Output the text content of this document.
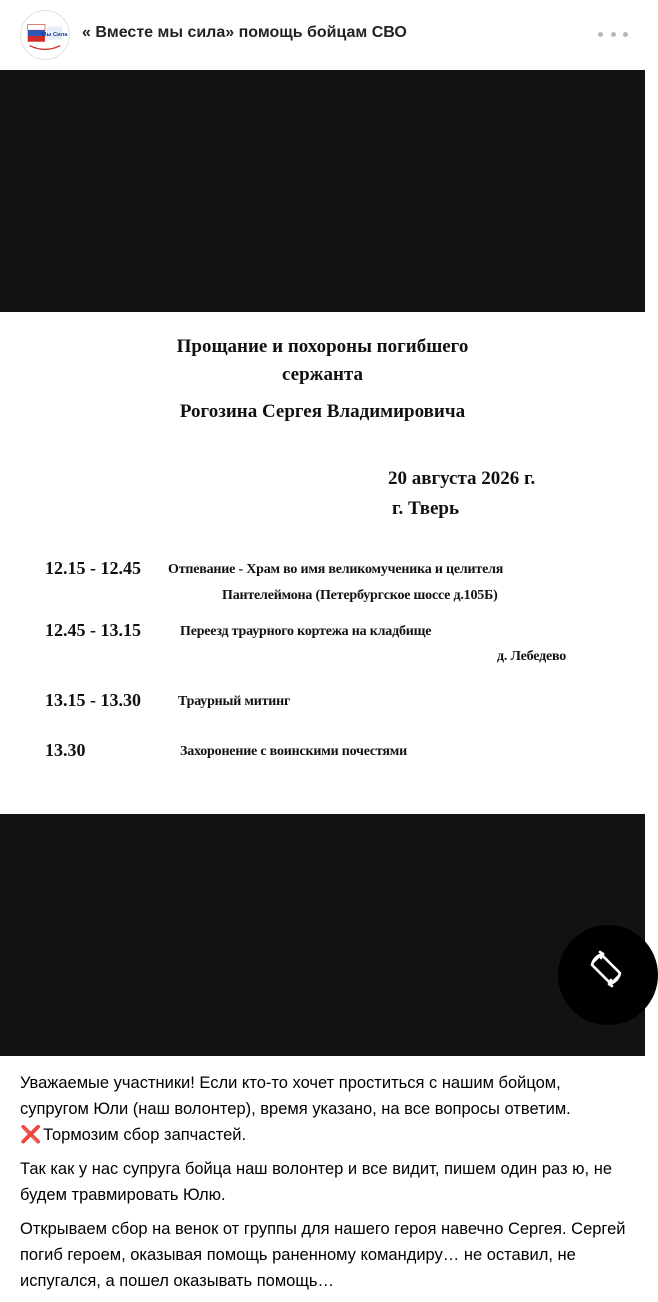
Мы Сила « Вместе мы сила» помощь бойцам СВО
Прощание и похороны погибшего
сержанта
Рогозина Сергея Владимировича
20 августа 2026 г.
г. Тверь
12.15 - 12.45 Отпевание - Храм во имя великомученика и целителя
Пантелеймона (Петербургское шоссе д.105Б)
12.45 - 13.15	Переезд траурного кортежа на кладбище
д. Лебедево
13.15 - 13.30	Траурный митинг
13.30	Захоронение с воинскими почестями

Уважаемые участники! Если кто-то хочет проститься с нашим бойцом, супругом Юли (наш волонтер), время указано, на все вопросы ответим.
❌ Тормозим сбор запчастей.

Так как у нас супруга бойца наш волонтер и все видит, пишем один раз ю, не будем травмировать Юлю.

Открываем сбор на венок от группы для нашего героя навечно Сергея. Сергей погиб героем, оказывая помощь раненному командиру… не оставил, не испугался, а пошел оказывать помощь…
